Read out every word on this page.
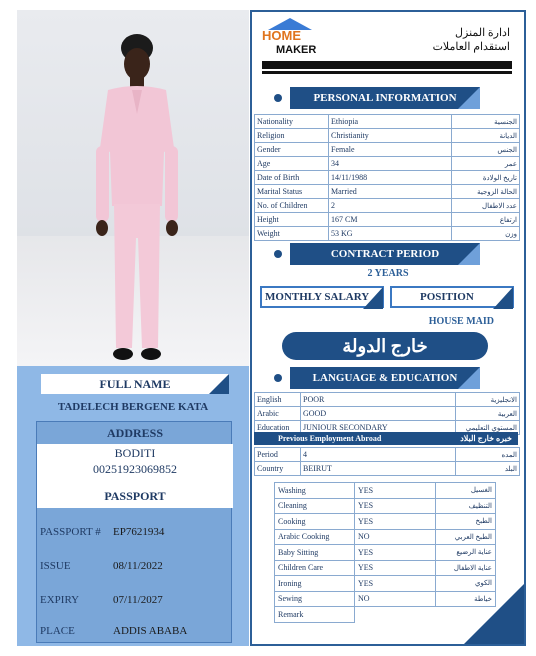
FULL NAME
TADELECH BERGENE KATA
ADDRESS
BODITI
00251923069852
PASSPORT
PASSPORT #	EP7621934
ISSUE	08/11/2022
EXPIRY	07/11/2027
PLACE	ADDIS ABABA
HOME
MAKER
ادارة المنزل
استقدام العاملات
PERSONAL INFORMATION
Nationality	Ethiopia	الجنسية
Religion	Christianity	الديانة
Gender	Female	الجنس
Age	34	عمر
Date of Birth	14/11/1988	تاريخ الولادة
Marital Status	Married	الحالة الزوجية
No. of Children	2	عدد الاطفال
Height	167 CM	ارتفاع
Weight	53 KG	وزن
CONTRACT PERIOD
2 YEARS
MONTHLY SALARY	POSITION
HOUSE MAID
خارج الدولة
LANGUAGE & EDUCATION
English	POOR	الانجليزية
Arabic	GOOD	العربية
Education	JUNIOUR SECONDARY	المستوي التعليمي
Previous Employment Abroad	خبره خارج البلاد
Period	4	المده
Country	BEIRUT	البلد
Washing	YES	الغسيل
Cleaning	YES	التنظيف
Cooking	YES	الطبخ
Arabic Cooking	NO	الطبخ العربي
Baby Sitting	YES	عناية الرضيع
Children Care	YES	عناية الاطفال
Ironing	YES	الكوي
Sewing	NO	خياطة
Remark		
